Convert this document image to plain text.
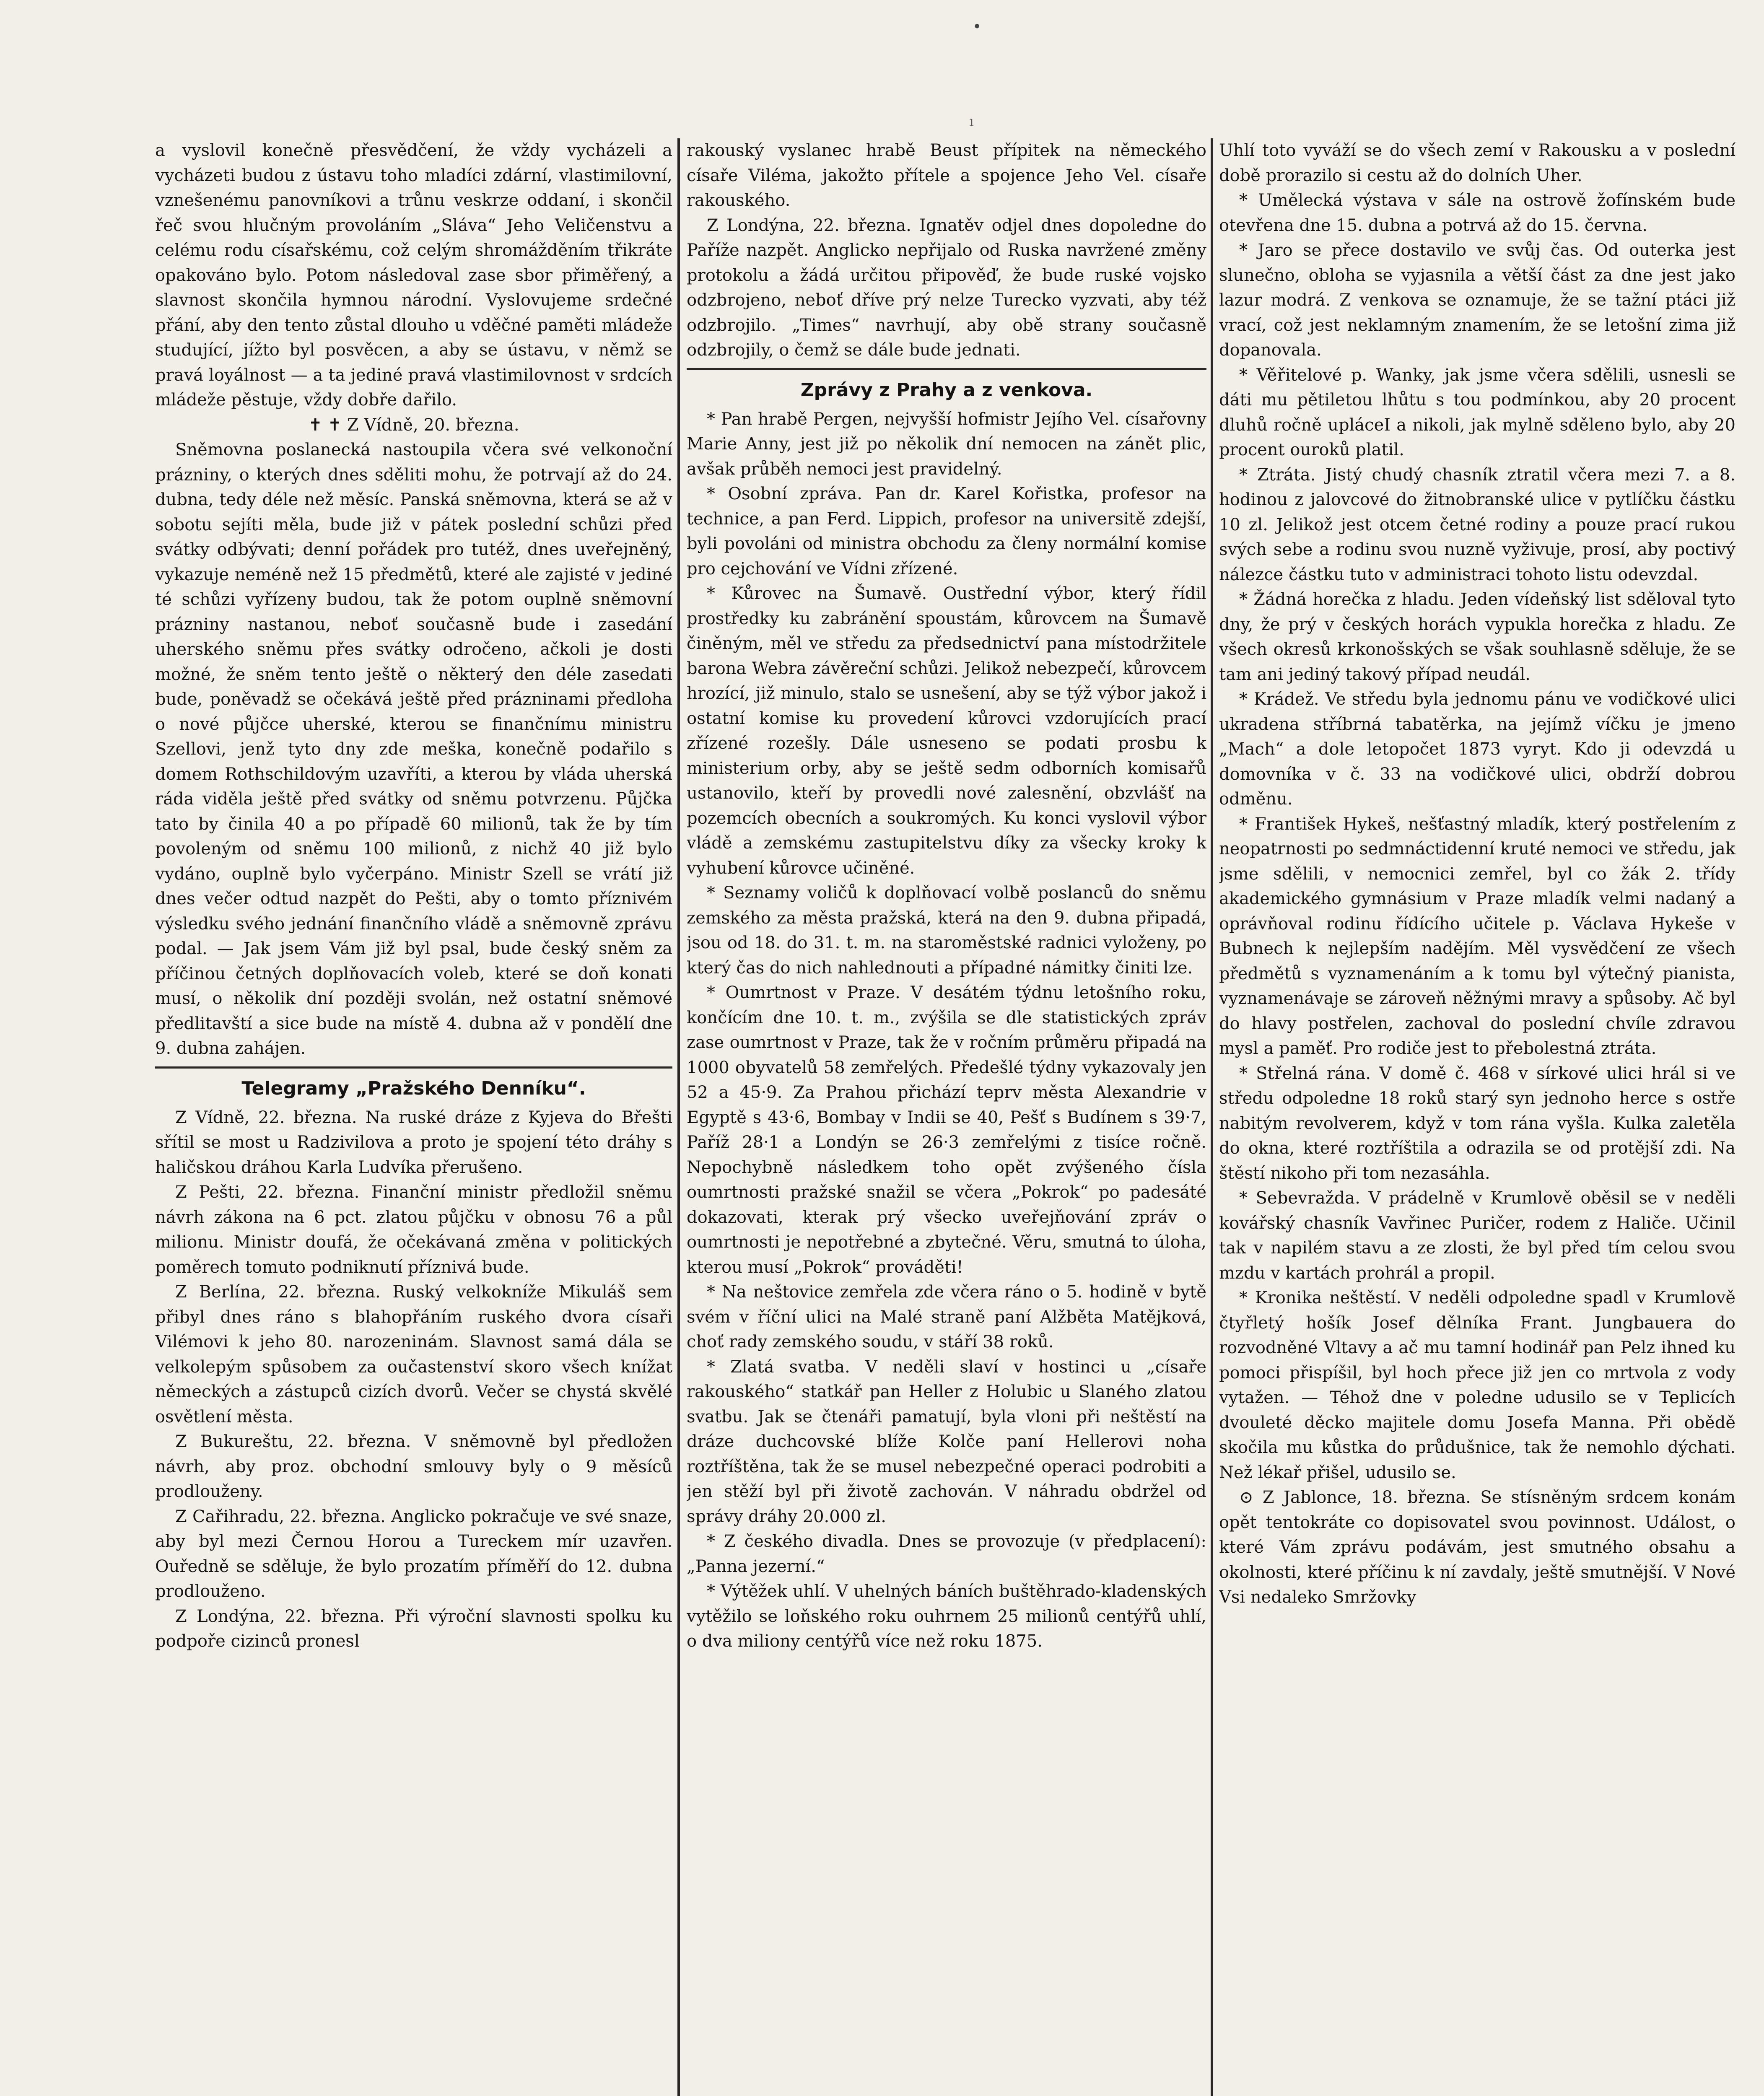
•
ı

a vyslovil konečně přesvědčení, že vždy vycházeli a vycházeti budou z ústavu toho mladíci zdární, vlastimilovní, vznešenému panovníkovi a trůnu veskrze oddaní, i skončil řeč svou hlučným provoláním „Sláva“ Jeho Veličenstvu a celému rodu císařskému, což celým shromážděním třikráte opakováno bylo. Potom následoval zase sbor přiměřený, a slavnost skončila hymnou národní. Vyslovujeme srdečné přání, aby den tento zůstal dlouho u vděčné paměti mládeže studující, jížto byl posvěcen, a aby se ústavu, v němž se pravá loyálnost — a ta jediné pravá vlastimilovnost v srdcích mládeže pěstuje, vždy dobře dařilo.

✝ ✝ Z Vídně, 20. března.

Sněmovna poslanecká nastoupila včera své velkonoční prázniny, o kterých dnes sděliti mohu, že potrvají až do 24. dubna, tedy déle než měsíc. Panská sněmovna, která se až v sobotu sejíti měla, bude již v pátek poslední schůzi před svátky odbývati; denní pořádek pro tutéž, dnes uveřejněný, vykazuje neméně než 15 předmětů, které ale zajisté v jediné té schůzi vyřízeny budou, tak že potom ouplně sněmovní prázniny nastanou, neboť současně bude i zasedání uherského sněmu přes svátky odročeno, ačkoli je dosti možné, že sněm tento ještě o některý den déle zasedati bude, poněvadž se očekává ještě před prázninami předloha o nové půjčce uherské, kterou se finančnímu ministru Szellovi, jenž tyto dny zde meška, konečně podařilo s domem Rothschildovým uzavříti, a kterou by vláda uherská ráda viděla ještě před svátky od sněmu potvrzenu. Půjčka tato by činila 40 a po případě 60 milionů, tak že by tím povoleným od sněmu 100 milionů, z nichž 40 již bylo vydáno, ouplně bylo vyčerpáno. Ministr Szell se vrátí již dnes večer odtud nazpět do Pešti, aby o tomto příznivém výsledku svého jednání finančního vládě a sněmovně zprávu podal. — Jak jsem Vám již byl psal, bude český sněm za příčinou četných doplňovacích voleb, které se doň konati musí, o několik dní později svolán, než ostatní sněmové předlitavští a sice bude na místě 4. dubna až v pondělí dne 9. dubna zahájen.

Telegramy „Pražského Denníku“.

Z Vídně, 22. března. Na ruské dráze z Kyjeva do Břešti sřítil se most u Radzivilova a proto je spojení této dráhy s haličskou dráhou Karla Ludvíka přerušeno.

Z Pešti, 22. března. Finanční ministr předložil sněmu návrh zákona na 6 pct. zlatou půjčku v obnosu 76 a půl milionu. Ministr doufá, že očekávaná změna v politických poměrech tomuto podniknutí příznivá bude.

Z Berlína, 22. března. Ruský velkokníže Mikuláš sem přibyl dnes ráno s blahopřáním ruského dvora císaři Vilémovi k jeho 80. narozeninám. Slavnost samá dála se velkolepým spůsobem za oučastenství skoro všech knížat německých a zástupců cizích dvorů. Večer se chystá skvělé osvětlení města.

Z Bukureštu, 22. března. V sněmovně byl předložen návrh, aby proz. obchodní smlouvy byly o 9 měsíců prodlouženy.

Z Cařihradu, 22. března. Anglicko pokračuje ve své snaze, aby byl mezi Černou Horou a Tureckem mír uzavřen. Ouředně se sděluje, že bylo prozatím příměří do 12. dubna prodlouženo.

Z Londýna, 22. března. Při výroční slavnosti spolku ku podpoře cizinců pronesl

rakouský vyslanec hrabě Beust přípitek na německého císaře Viléma, jakožto přítele a spojence Jeho Vel. císaře rakouského.

Z Londýna, 22. března. Ignatěv odjel dnes dopoledne do Paříže nazpět. Anglicko nepřijalo od Ruska navržené změny protokolu a žádá určitou připověď, že bude ruské vojsko odzbrojeno, neboť dříve prý nelze Turecko vyzvati, aby též odzbrojilo. „Times“ navrhují, aby obě strany současně odzbrojily, o čemž se dále bude jednati.

Zprávy z Prahy a z venkova.

* Pan hrabě Pergen, nejvyšší hofmistr Jejího Vel. císařovny Marie Anny, jest již po několik dní nemocen na zánět plic, avšak průběh nemoci jest pravidelný.

* Osobní zpráva. Pan dr. Karel Kořistka, profesor na technice, a pan Ferd. Lippich, profesor na universitě zdejší, byli povoláni od ministra obchodu za členy normální komise pro cejchování ve Vídni zřízené.

* Kůrovec na Šumavě. Oustřední výbor, který řídil prostředky ku zabránění spoustám, kůrovcem na Šumavě činěným, měl ve středu za předsednictví pana místodržitele barona Webra závěreční schůzi. Jelikož nebezpečí, kůrovcem hrozící, již minulo, stalo se usnešení, aby se týž výbor jakož i ostatní komise ku provedení kůrovci vzdorujících prací zřízené rozešly. Dále usneseno se podati prosbu k ministerium orby, aby se ještě sedm odborních komisařů ustanovilo, kteří by provedli nové zalesnění, obzvlášť na pozemcích obecních a soukromých. Ku konci vyslovil výbor vládě a zemskému zastupitelstvu díky za všecky kroky k vyhubení kůrovce učiněné.

* Seznamy voličů k doplňovací volbě poslanců do sněmu zemského za města pražská, která na den 9. dubna připadá, jsou od 18. do 31. t. m. na staroměstské radnici vyloženy, po který čas do nich nahlednouti a případné námitky činiti lze.

* Oumrtnost v Praze. V desátém týdnu letošního roku, končícím dne 10. t. m., zvýšila se dle statistických zpráv zase oumrtnost v Praze, tak že v ročním průměru připadá na 1000 obyvatelů 58 zemřelých. Předešlé týdny vykazovaly jen 52 a 45·9. Za Prahou přichází teprv města Alexandrie v Egyptě s 43·6, Bombay v Indii se 40, Pešť s Budínem s 39·7, Paříž 28·1 a Londýn se 26·3 zemřelými z tisíce ročně. Nepochybně následkem toho opět zvýšeného čísla oumrtnosti pražské snažil se včera „Pokrok“ po padesáté dokazovati, kterak prý všecko uveřejňování zpráv o oumrtnosti je nepotřebné a zbytečné. Věru, smutná to úloha, kterou musí „Pokrok“ prováděti!

* Na neštovice zemřela zde včera ráno o 5. hodině v bytě svém v říční ulici na Malé straně paní Alžběta Matějková, choť rady zemského soudu, v stáří 38 roků.

* Zlatá svatba. V neděli slaví v hostinci u „císaře rakouského“ statkář pan Heller z Holubic u Slaného zlatou svatbu. Jak se čtenáři pamatují, byla vloni při neštěstí na dráze duchcovské blíže Kolče paní Hellerovi noha roztříštěna, tak že se musel nebezpečné operaci podrobiti a jen stěží byl při životě zachován. V náhradu obdržel od správy dráhy 20.000 zl.

* Z českého divadla. Dnes se provozuje (v předplacení): „Panna jezerní.“

* Výtěžek uhlí. V uhelných báních buštěhrado-kladenských vytěžilo se loňského roku ouhrnem 25 milionů centýřů uhlí, o dva miliony centýřů více než roku 1875.

Uhlí toto vyváží se do všech zemí v Rakousku a v poslední době prorazilo si cestu až do dolních Uher.

* Umělecká výstava v sále na ostrově žofínském bude otevřena dne 15. dubna a potrvá až do 15. června.

* Jaro se přece dostavilo ve svůj čas. Od outerka jest slunečno, obloha se vyjasnila a větší část za dne jest jako lazur modrá. Z venkova se oznamuje, že se tažní ptáci již vrací, což jest neklamným znamením, že se letošní zima již dopanovala.

* Věřitelové p. Wanky, jak jsme včera sdělili, usnesli se dáti mu pětiletou lhůtu s tou podmínkou, aby 20 procent dluhů ročně upláceI a nikoli, jak mylně sděleno bylo, aby 20 procent ouroků platil.

* Ztráta. Jistý chudý chasník ztratil včera mezi 7. a 8. hodinou z jalovcové do žitnobranské ulice v pytlíčku částku 10 zl. Jelikož jest otcem četné rodiny a pouze prací rukou svých sebe a rodinu svou nuzně vyživuje, prosí, aby poctivý nálezce částku tuto v administraci tohoto listu odevzdal.

* Žádná horečka z hladu. Jeden vídeňský list sděloval tyto dny, že prý v českých horách vypukla horečka z hladu. Ze všech okresů krkonošských se však souhlasně sděluje, že se tam ani jediný takový případ neudál.

* Krádež. Ve středu byla jednomu pánu ve vodičkové ulici ukradena stříbrná tabatěrka, na jejímž víčku je jmeno „Mach“ a dole letopočet 1873 vyryt. Kdo ji odevzdá u domovníka v č. 33 na vodičkové ulici, obdrží dobrou odměnu.

* František Hykeš, nešťastný mladík, který postřelením z neopatrnosti po sedmnáctidenní kruté nemoci ve středu, jak jsme sdělili, v nemocnici zemřel, byl co žák 2. třídy akademického gymnásium v Praze mladík velmi nadaný a oprávňoval rodinu řídícího učitele p. Václava Hykeše v Bubnech k nejlepším nadějím. Měl vysvědčení ze všech předmětů s vyznamenáním a k tomu byl výtečný pianista, vyznamenávaje se zároveň něžnými mravy a spůsoby. Ač byl do hlavy postřelen, zachoval do poslední chvíle zdravou mysl a paměť. Pro rodiče jest to přebolestná ztráta.

* Střelná rána. V domě č. 468 v sírkové ulici hrál si ve středu odpoledne 18 roků starý syn jednoho herce s ostře nabitým revolverem, když v tom rána vyšla. Kulka zaletěla do okna, které roztříštila a odrazila se od protější zdi. Na štěstí nikoho při tom nezasáhla.

* Sebevražda. V prádelně v Krumlově oběsil se v neděli kovářský chasník Vavřinec Puričer, rodem z Haliče. Učinil tak v napilém stavu a ze zlosti, že byl před tím celou svou mzdu v kartách prohrál a propil.

* Kronika neštěstí. V neděli odpoledne spadl v Krumlově čtyřletý hošík Josef dělníka Frant. Jungbauera do rozvodněné Vltavy a ač mu tamní hodinář pan Pelz ihned ku pomoci přispíšil, byl hoch přece již jen co mrtvola z vody vytažen. — Téhož dne v poledne udusilo se v Teplicích dvouleté děcko majitele domu Josefa Manna. Při obědě skočila mu kůstka do průdušnice, tak že nemohlo dýchati. Než lékař přišel, udusilo se.

⊙ Z Jablonce, 18. března. Se stísněným srdcem konám opět tentokráte co dopisovatel svou povinnost. Událost, o které Vám zprávu podávám, jest smutného obsahu a okolnosti, které příčinu k ní zavdaly, ještě smutnější. V Nové Vsi nedaleko Smržovky
